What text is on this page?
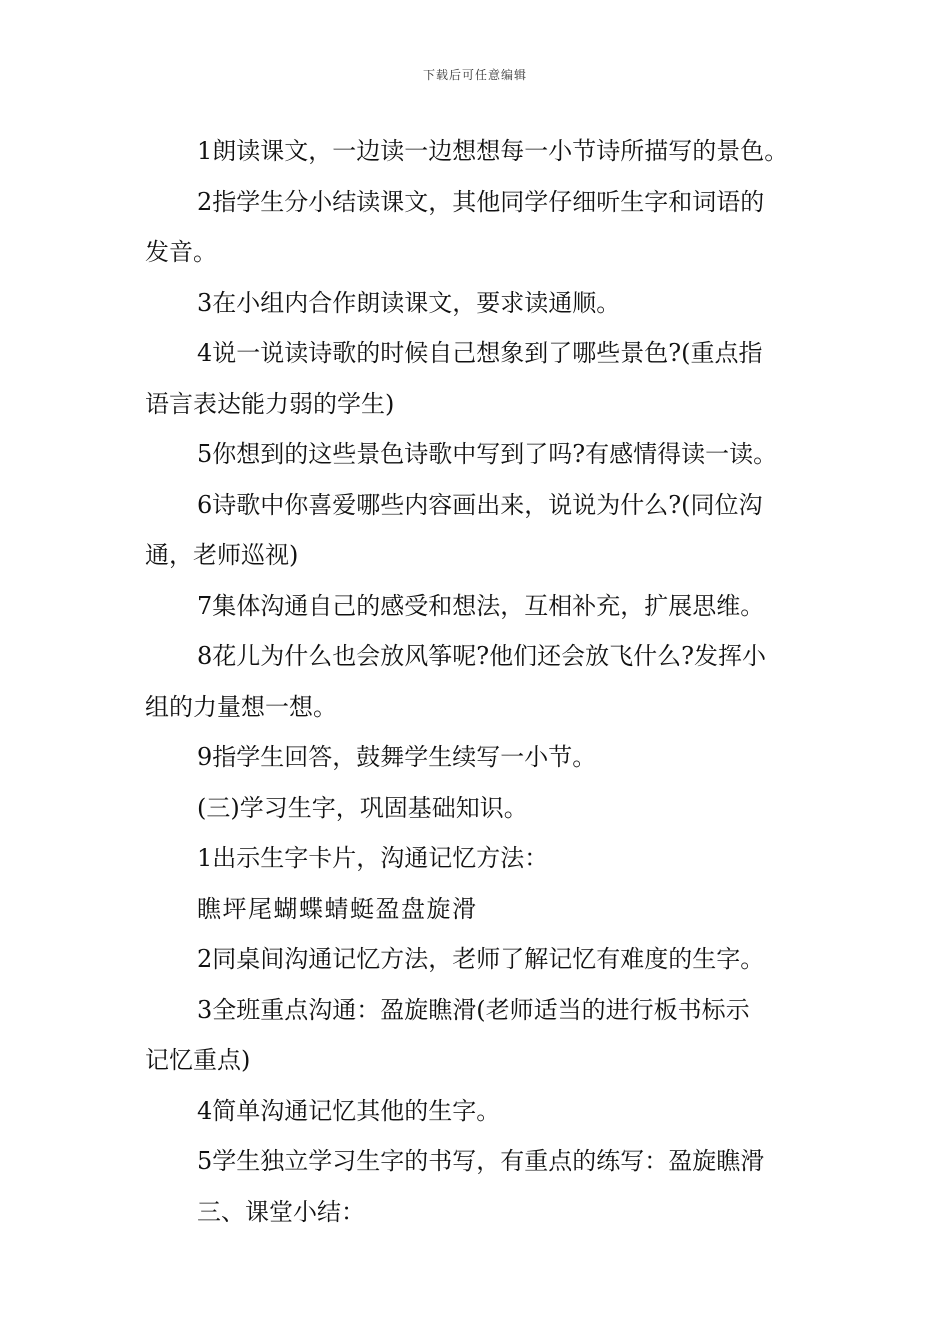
下载后可任意编辑
1朗读课文，一边读一边想想每一小节诗所描写的景色。
2指学生分小结读课文，其他同学仔细听生字和词语的
发音。
3在小组内合作朗读课文，要求读通顺。
4说一说读诗歌的时候自己想象到了哪些景色?(重点指
语言表达能力弱的学生)
5你想到的这些景色诗歌中写到了吗?有感情得读一读。
6诗歌中你喜爱哪些内容画出来，说说为什么?(同位沟
通，老师巡视)
7集体沟通自己的感受和想法，互相补充，扩展思维。
8花儿为什么也会放风筝呢?他们还会放飞什么?发挥小
组的力量想一想。
9指学生回答，鼓舞学生续写一小节。
(三)学习生字，巩固基础知识。
1出示生字卡片，沟通记忆方法：
瞧坪尾蝴蝶蜻蜓盈盘旋滑
2同桌间沟通记忆方法，老师了解记忆有难度的生字。
3全班重点沟通：盈旋瞧滑(老师适当的进行板书标示
记忆重点)
4简单沟通记忆其他的生字。
5学生独立学习生字的书写，有重点的练写：盈旋瞧滑
三、课堂小结：
